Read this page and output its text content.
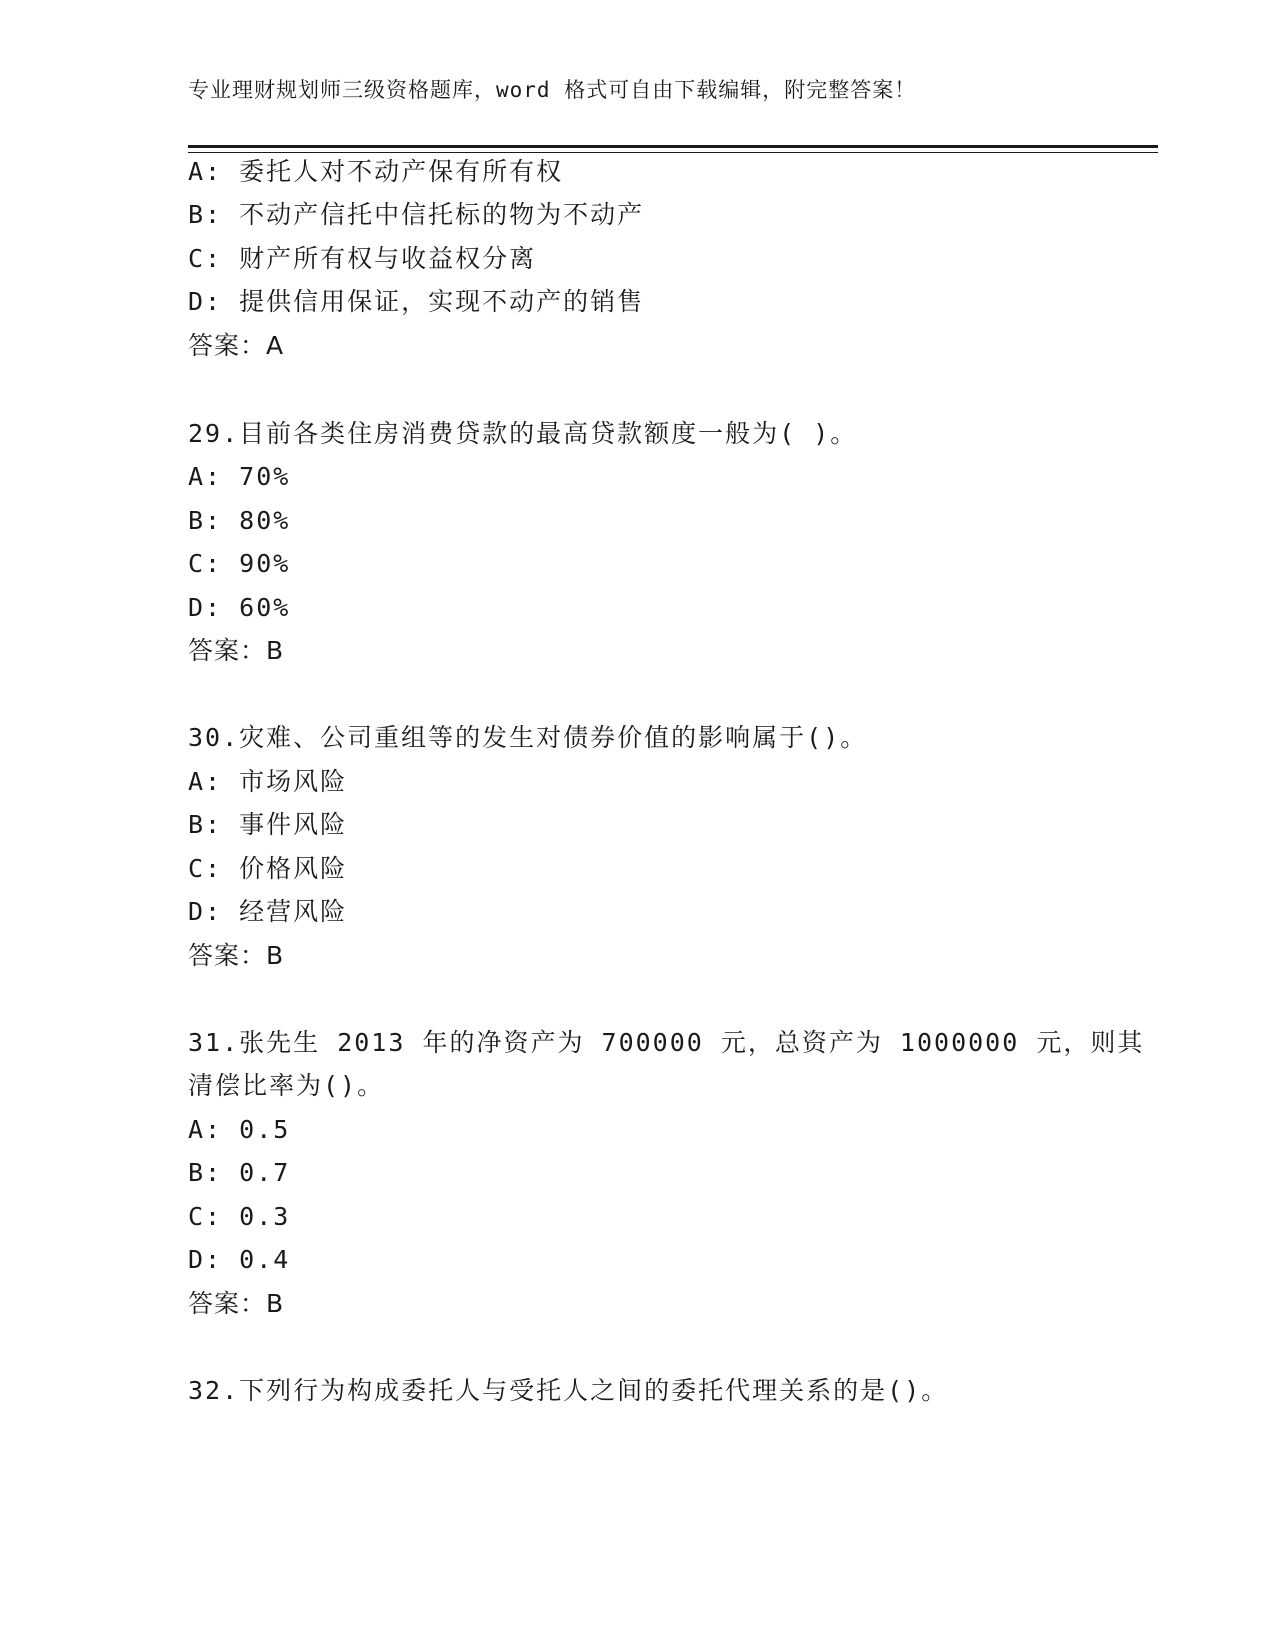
专业理财规划师三级资格题库，word 格式可自由下载编辑，附完整答案！
A: 委托人对不动产保有所有权
B: 不动产信托中信托标的物为不动产
C: 财产所有权与收益权分离
D: 提供信用保证，实现不动产的销售
答案：A
29.目前各类住房消费贷款的最高贷款额度一般为( )。
A: 70%
B: 80%
C: 90%
D: 60%
答案：B
30.灾难、公司重组等的发生对债券价值的影响属于()。
A: 市场风险
B: 事件风险
C: 价格风险
D: 经营风险
答案：B
31.张先生 2013 年的净资产为 700000 元，总资产为 1000000 元，则其
清偿比率为()。
A: 0.5
B: 0.7
C: 0.3
D: 0.4
答案：B
32.下列行为构成委托人与受托人之间的委托代理关系的是()。
